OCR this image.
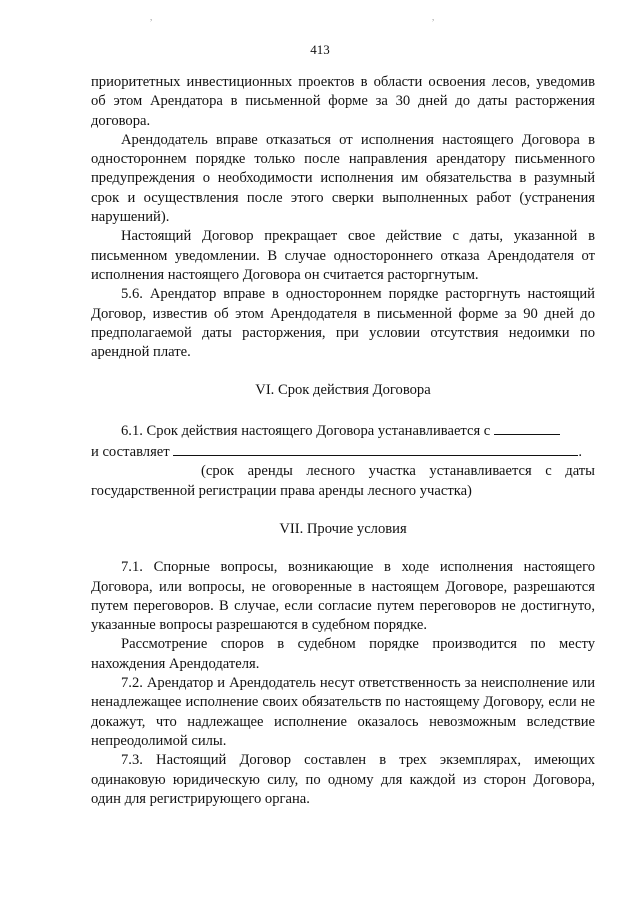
,	,
413

приоритетных инвестиционных проектов в области освоения лесов, уведомив об этом Арендатора в письменной форме за 30 дней до даты расторжения договора.

Арендодатель вправе отказаться от исполнения настоящего Договора в одностороннем порядке только после направления арендатору письменного предупреждения о необходимости исполнения им обязательства в разумный срок и осуществления после этого сверки выполненных работ (устранения нарушений).

Настоящий Договор прекращает свое действие с даты, указанной в письменном уведомлении. В случае одностороннего отказа Арендодателя от исполнения настоящего Договора он считается расторгнутым.

5.6. Арендатор вправе в одностороннем порядке расторгнуть настоящий Договор, известив об этом Арендодателя в письменной форме за 90 дней до предполагаемой даты расторжения, при условии отсутствия недоимки по арендной плате.

VI. Срок действия Договора

6.1. Срок действия настоящего Договора устанавливается с

и составляет	.

(срок аренды лесного участка устанавливается с даты государственной регистрации права аренды лесного участка)

VII. Прочие условия

7.1. Спорные вопросы, возникающие в ходе исполнения настоящего Договора, или вопросы, не оговоренные в настоящем Договоре, разрешаются путем переговоров. В случае, если согласие путем переговоров не достигнуто, указанные вопросы разрешаются в судебном порядке.

Рассмотрение споров в судебном порядке производится по месту нахождения Арендодателя.

7.2. Арендатор и Арендодатель несут ответственность за неисполнение или ненадлежащее исполнение своих обязательств по настоящему Договору, если не докажут, что надлежащее исполнение оказалось невозможным вследствие непреодолимой силы.

7.3. Настоящий Договор составлен в трех экземплярах, имеющих одинаковую юридическую силу, по одному для каждой из сторон Договора, один для регистрирующего органа.
